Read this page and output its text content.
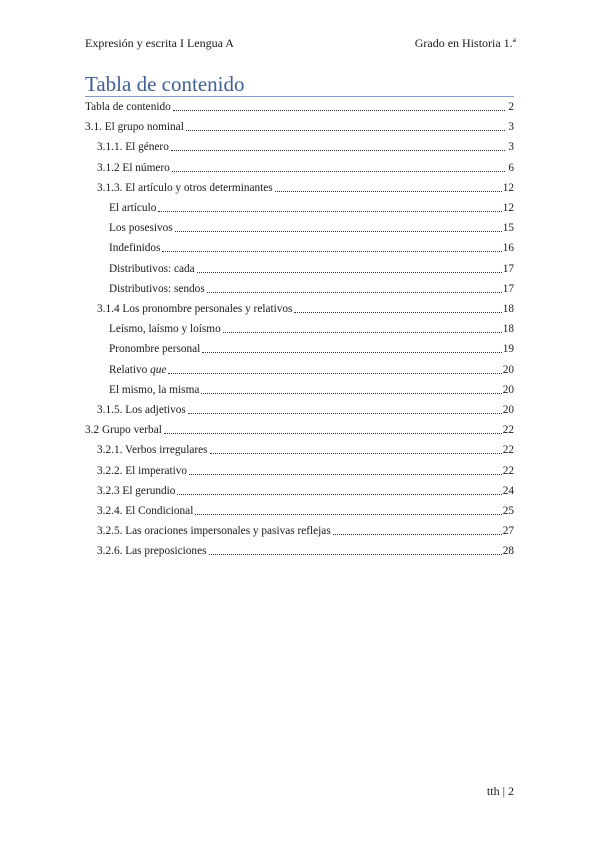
Expresión y escrita I Lengua A	Grado en Historia 1.ª
Tabla de contenido
Tabla de contenido	2
3.1. El grupo nominal	3
3.1.1. El género	3
3.1.2 El número	6
3.1.3. El artículo y otros determinantes	12
El artículo	12
Los posesivos	15
Indefinidos	16
Distributivos: cada	17
Distributivos: sendos	17
3.1.4 Los pronombre personales y relativos	18
Leísmo, laísmo y loísmo	18
Pronombre personal	19
Relativo que	20
El mismo, la misma	20
3.1.5. Los adjetivos	20
3.2 Grupo verbal	22
3.2.1. Verbos irregulares	22
3.2.2. El imperativo	22
3.2.3 El gerundio	24
3.2.4. El Condicional	25
3.2.5. Las oraciones impersonales y pasivas reflejas	27
3.2.6. Las preposiciones	28
tth | 2
